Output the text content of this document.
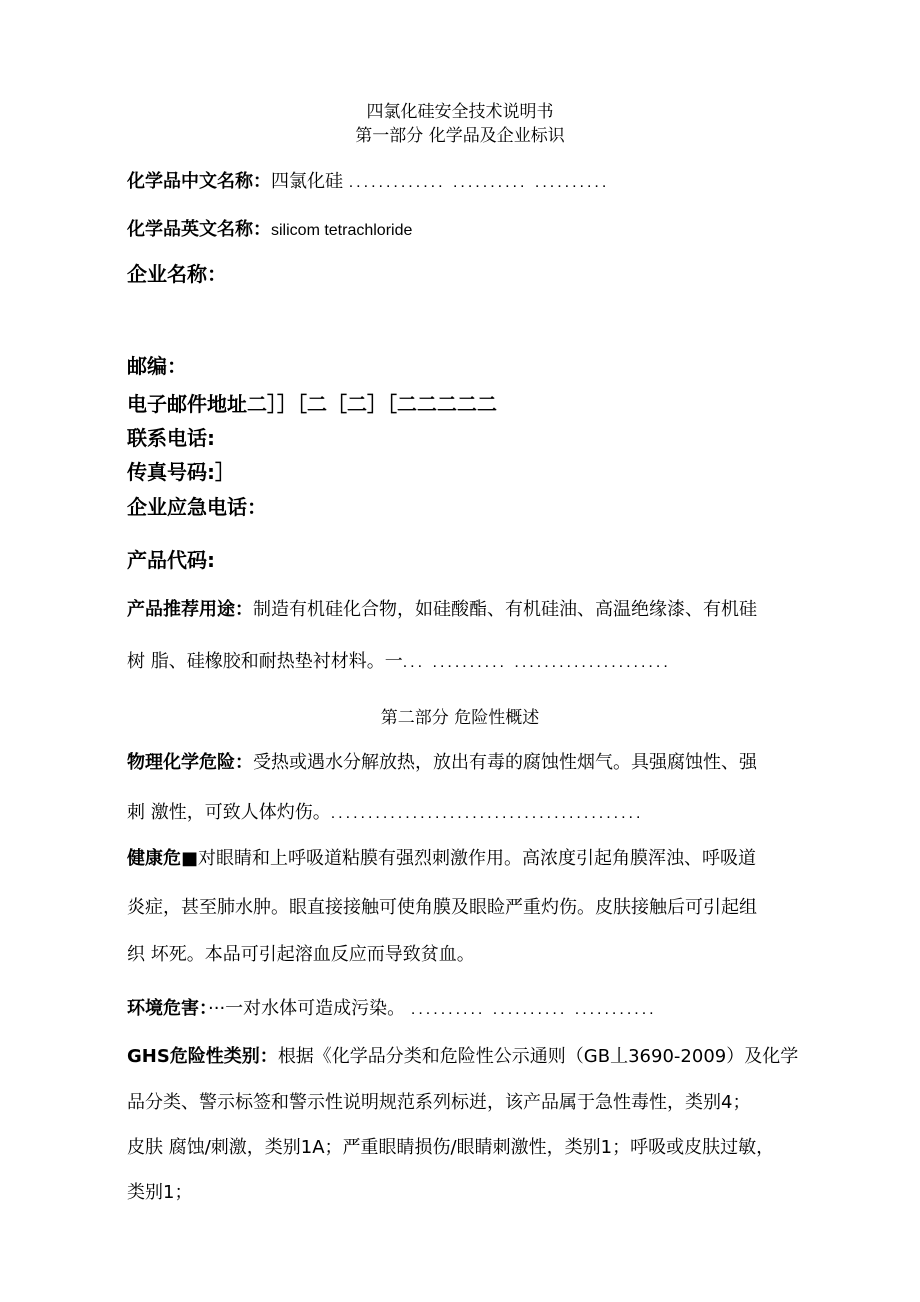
四氯化硅安全技术说明书
第一部分 化学品及企业标识
化学品中文名称：四氯化硅 ............. .......... ..........
化学品英文名称：silicom tetrachloride
企业名称：
邮编：
电子邮件地址二］］［二［二］［二二二二二
联系电话:
传真号码:］
企业应急电话：
产品代码:
产品推荐用途：制造有机硅化合物，如硅酸酯、有机硅油、高温绝缘漆、有机硅
树 脂、硅橡胶和耐热垫衬材料。一... .......... .....................
第二部分 危险性概述
物理化学危险：受热或遇水分解放热，放出有毒的腐蚀性烟气。具强腐蚀性、强
刺 激性，可致人体灼伤。..........................................
健康危■对眼睛和上呼吸道粘膜有强烈刺激作用。高浓度引起角膜浑浊、呼吸道
炎症，甚至肺水肿。眼直接接触可使角膜及眼睑严重灼伤。皮肤接触后可引起组
织 坏死。本品可引起溶血反应而导致贫血。
环境危害：···一对水体可造成污染。 .......... .......... ...........
GHS危险性类别：根据《化学品分类和危险性公示通则（GB丄3690-2009）及化学
品分类、警示标签和警示性说明规范系列标逬，该产品属于急性毒性，类别4；
皮肤 腐蚀/刺激，类别1A；严重眼睛损伤/眼睛刺激性，类别1；呼吸或皮肤过敏，
类别1；
